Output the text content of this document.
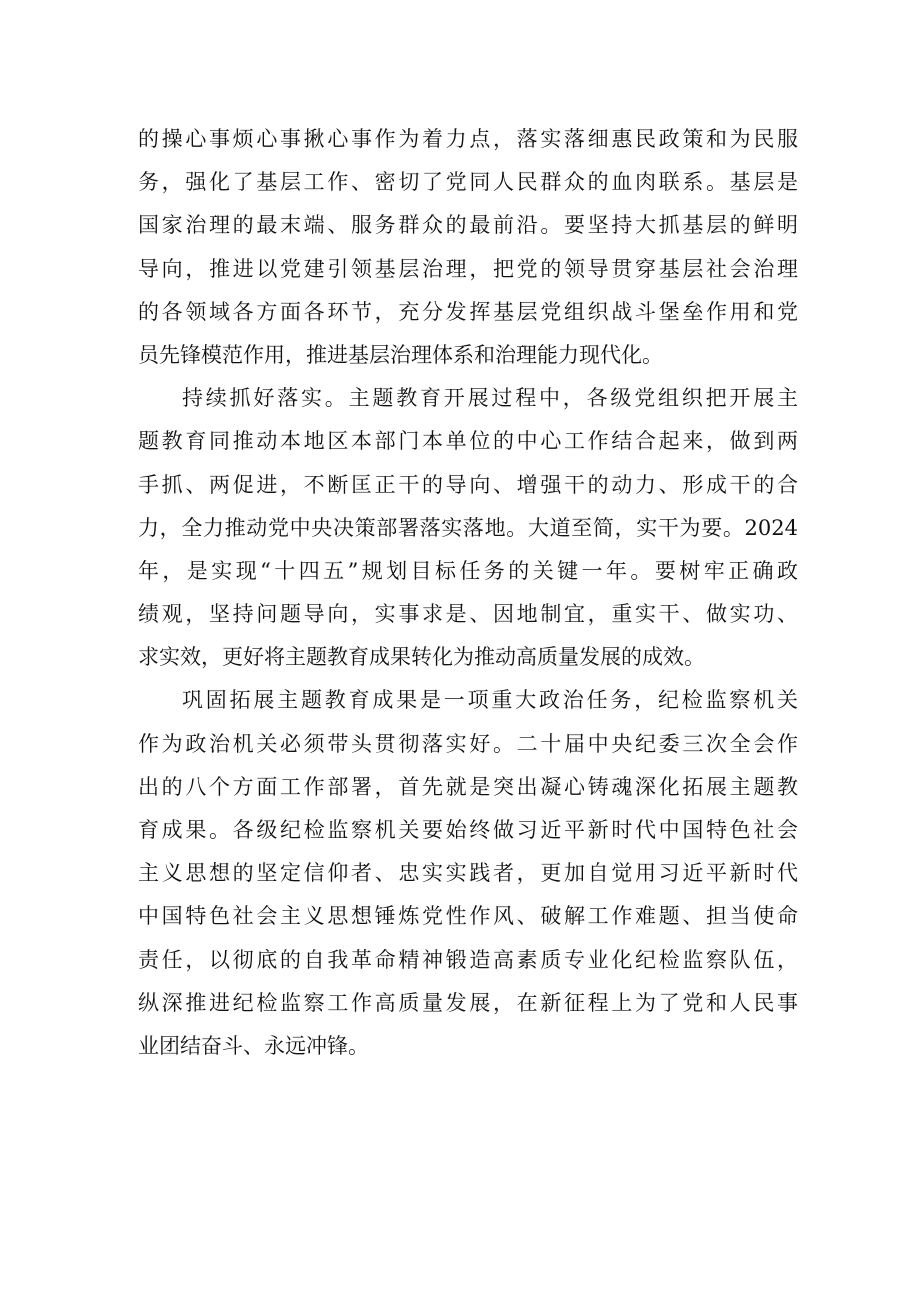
的操心事烦心事揪心事作为着力点，落实落细惠民政策和为民服
务，强化了基层工作、密切了党同人民群众的血肉联系。基层是
国家治理的最末端、服务群众的最前沿。要坚持大抓基层的鲜明
导向，推进以党建引领基层治理，把党的领导贯穿基层社会治理
的各领域各方面各环节，充分发挥基层党组织战斗堡垒作用和党
员先锋模范作用，推进基层治理体系和治理能力现代化。
持续抓好落实。主题教育开展过程中，各级党组织把开展主
题教育同推动本地区本部门本单位的中心工作结合起来，做到两
手抓、两促进，不断匡正干的导向、增强干的动力、形成干的合
力，全力推动党中央决策部署落实落地。大道至简，实干为要。2024
年，是实现“十四五”规划目标任务的关键一年。要树牢正确政
绩观，坚持问题导向，实事求是、因地制宜，重实干、做实功、
求实效，更好将主题教育成果转化为推动高质量发展的成效。
巩固拓展主题教育成果是一项重大政治任务，纪检监察机关
作为政治机关必须带头贯彻落实好。二十届中央纪委三次全会作
出的八个方面工作部署，首先就是突出凝心铸魂深化拓展主题教
育成果。各级纪检监察机关要始终做习近平新时代中国特色社会
主义思想的坚定信仰者、忠实实践者，更加自觉用习近平新时代
中国特色社会主义思想锤炼党性作风、破解工作难题、担当使命
责任，以彻底的自我革命精神锻造高素质专业化纪检监察队伍，
纵深推进纪检监察工作高质量发展，在新征程上为了党和人民事
业团结奋斗、永远冲锋。
